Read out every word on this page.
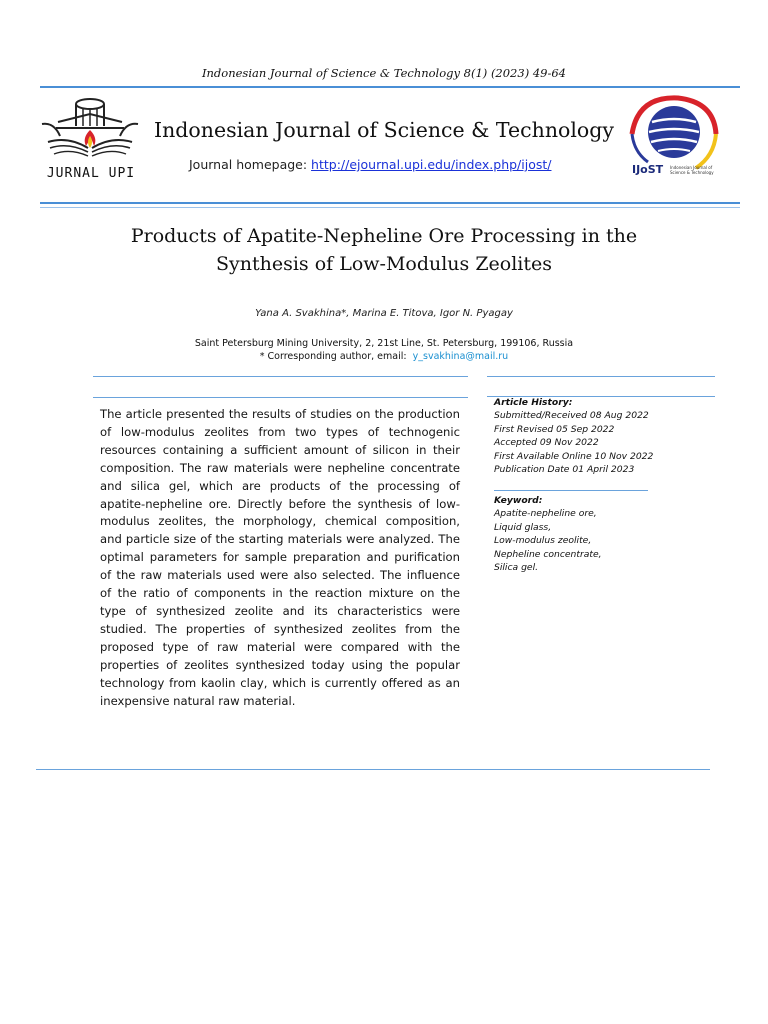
Indonesian Journal of Science & Technology 8(1) (2023) 49-64
JURNAL UPI
Indonesian Journal of Science & Technology
Journal homepage: http://ejournal.upi.edu/index.php/ijost/	IJoST Indonesian Journal of Science & Technology
Products of Apatite-Nepheline Ore Processing in the
Synthesis of Low-Modulus Zeolites
Yana A. Svakhina*, Marina E. Titova, Igor N. Pyagay
Saint Petersburg Mining University, 2, 21st Line, St. Petersburg, 199106, Russia
* Corresponding author, email: y_svakhina@mail.ru
The article presented the results of studies on the production of low-modulus zeolites from two types of technogenic resources containing a sufficient amount of silicon in their composition. The raw materials were nepheline concentrate and silica gel, which are products of the processing of apatite-nepheline ore. Directly before the synthesis of low-modulus zeolites, the morphology, chemical composition, and particle size of the starting materials were analyzed. The optimal parameters for sample preparation and purification of the raw materials used were also selected. The influence of the ratio of components in the reaction mixture on the type of synthesized zeolite and its characteristics were studied. The properties of synthesized zeolites from the proposed type of raw material were compared with the properties of zeolites synthesized today using the popular technology from kaolin clay, which is currently offered as an inexpensive natural raw material.
Article History:
Submitted/Received 08 Aug 2022
First Revised 05 Sep 2022
Accepted 09 Nov 2022
First Available Online 10 Nov 2022
Publication Date 01 April 2023
Keyword:
Apatite-nepheline ore,
Liquid glass,
Low-modulus zeolite,
Nepheline concentrate,
Silica gel.
